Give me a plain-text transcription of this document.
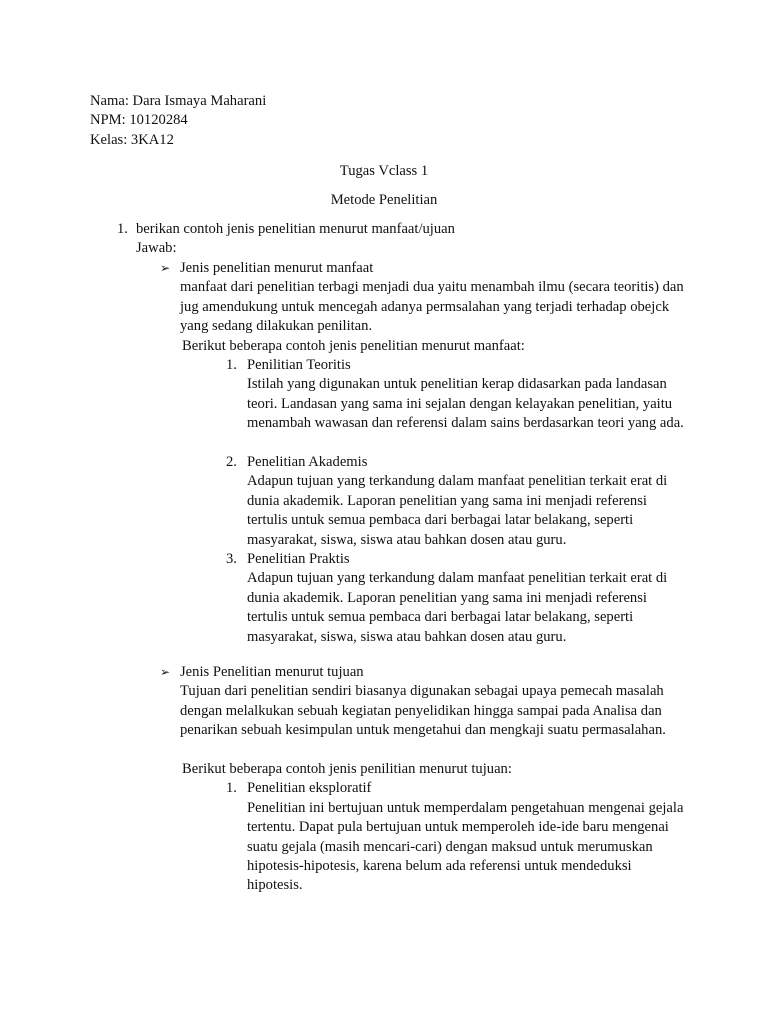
Nama: Dara Ismaya Maharani
NPM: 10120284
Kelas: 3KA12
Tugas Vclass 1
Metode Penelitian
1. berikan contoh jenis penelitian menurut manfaat/ujuan
Jawab:
➢ Jenis penelitian menurut manfaat
manfaat dari penelitian terbagi menjadi dua yaitu menambah ilmu (secara teoritis) dan jug amendukung untuk mencegah adanya permsalahan yang terjadi terhadap obejck yang sedang dilakukan penilitan.
Berikut beberapa contoh jenis penelitian menurut manfaat:
1. Penilitian Teoritis
Istilah yang digunakan untuk penelitian kerap didasarkan pada landasan teori. Landasan yang sama ini sejalan dengan kelayakan penelitian, yaitu menambah wawasan dan referensi dalam sains berdasarkan teori yang ada.
2. Penelitian Akademis
Adapun tujuan yang terkandung dalam manfaat penelitian terkait erat di dunia akademik. Laporan penelitian yang sama ini menjadi referensi tertulis untuk semua pembaca dari berbagai latar belakang, seperti masyarakat, siswa, siswa atau bahkan dosen atau guru.
3. Penelitian Praktis
Adapun tujuan yang terkandung dalam manfaat penelitian terkait erat di dunia akademik. Laporan penelitian yang sama ini menjadi referensi tertulis untuk semua pembaca dari berbagai latar belakang, seperti masyarakat, siswa, siswa atau bahkan dosen atau guru.
➢ Jenis Penelitian menurut tujuan
Tujuan dari penelitian sendiri biasanya digunakan sebagai upaya pemecah masalah dengan melalkukan sebuah kegiatan penyelidikan hingga sampai pada Analisa dan penarikan sebuah kesimpulan untuk mengetahui dan mengkaji suatu permasalahan.
Berikut beberapa contoh jenis penilitian menurut tujuan:
1. Penelitian eksploratif
Penelitian ini bertujuan untuk memperdalam pengetahuan mengenai gejala tertentu. Dapat pula bertujuan untuk memperoleh ide-ide baru mengenai suatu gejala (masih mencari-cari) dengan maksud untuk merumuskan hipotesis-hipotesis, karena belum ada referensi untuk mendeduksi hipotesis.
